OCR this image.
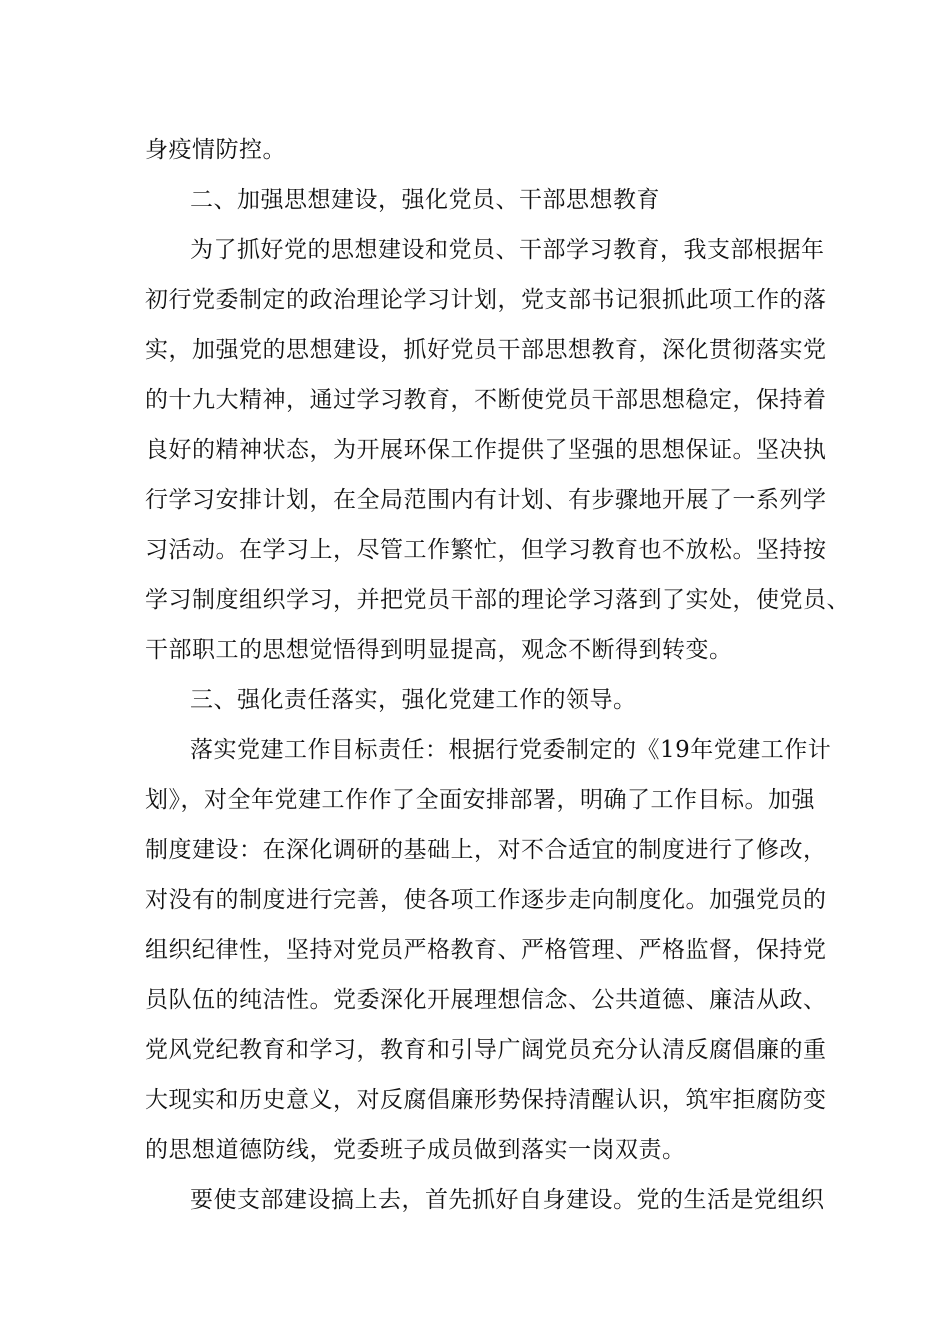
身疫情防控。
二、加强思想建设，强化党员、干部思想教育
为了抓好党的思想建设和党员、干部学习教育，我支部根据年
初行党委制定的政治理论学习计划，党支部书记狠抓此项工作的落
实，加强党的思想建设，抓好党员干部思想教育，深化贯彻落实党
的十九大精神，通过学习教育，不断使党员干部思想稳定，保持着
良好的精神状态，为开展环保工作提供了坚强的思想保证。坚决执
行学习安排计划，在全局范围内有计划、有步骤地开展了一系列学
习活动。在学习上，尽管工作繁忙，但学习教育也不放松。坚持按
学习制度组织学习，并把党员干部的理论学习落到了实处，使党员、
干部职工的思想觉悟得到明显提高，观念不断得到转变。
三、强化责任落实，强化党建工作的领导。
落实党建工作目标责任：根据行党委制定的《19年党建工作计
划》，对全年党建工作作了全面安排部署，明确了工作目标。加强
制度建设：在深化调研的基础上，对不合适宜的制度进行了修改，
对没有的制度进行完善，使各项工作逐步走向制度化。加强党员的
组织纪律性，坚持对党员严格教育、严格管理、严格监督，保持党
员队伍的纯洁性。党委深化开展理想信念、公共道德、廉洁从政、
党风党纪教育和学习，教育和引导广阔党员充分认清反腐倡廉的重
大现实和历史意义，对反腐倡廉形势保持清醒认识，筑牢拒腐防变
的思想道德防线，党委班子成员做到落实一岗双责。
要使支部建设搞上去，首先抓好自身建设。党的生活是党组织
